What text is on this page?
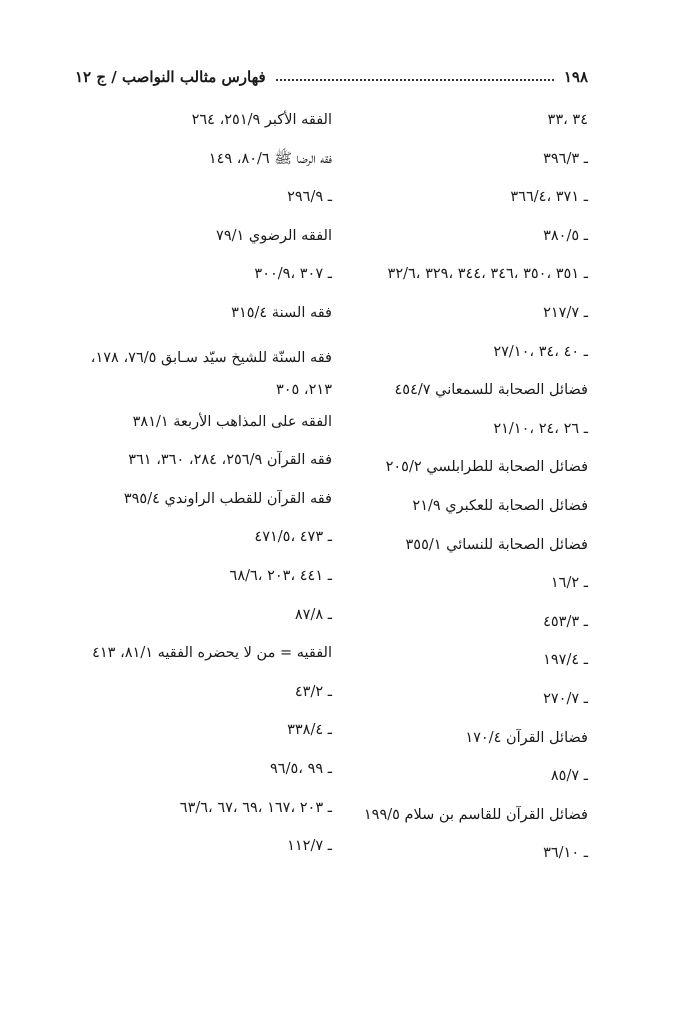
١٩٨
فهارس مثالب النواصب / ج ١٢
٣٤ ،٣٣
ـ ٣٩٦/٣
ـ ٣٧١ ،٣٦٦/٤
ـ ٣٨٠/٥
ـ ٣٥١ ،٣٥٠ ،٣٤٦ ،٣٤٤ ،٣٢٩ ،٣٢/٦
ـ ٢١٧/٧
ـ ٤٠ ،٣٤ ،٢٧/١٠
فضائل الصحابة للسمعاني ٤٥٤/٧
ـ ٢٦ ،٢٤ ،٢١/١٠
فضائل الصحابة للطرابلسي ٢٠٥/٢
فضائل الصحابة للعكبري ٢١/٩
فضائل الصحابة للنسائي ٣٥٥/١
ـ ١٦/٢
ـ ٤٥٣/٣
ـ ١٩٧/٤
ـ ٢٧٠/٧
فضائل القرآن ١٧٠/٤
ـ ٨٥/٧
فضائل القرآن للقاسم بن سلام ١٩٩/٥
ـ ٣٦/١٠
الفقه الأكبر ٢٥١/٩، ٢٦٤
فقه الرضا ﷺ ٨٠/٦، ١٤٩
ـ ٢٩٦/٩
الفقه الرضوي ٧٩/١
ـ ٣٠٧ ،٣٠٠/٩
فقه السنة ٣١٥/٤
فقه السنّة للشيخ سيّد سـابق ٧٦/٥، ١٧٨، ٢١٣، ٣٠٥
الفقه على المذاهب الأربعة ٣٨١/١
فقه القرآن ٢٥٦/٩، ٢٨٤، ٣٦٠، ٣٦١
فقه القرآن للقطب الراوندي ٣٩٥/٤
ـ ٤٧٣ ،٤٧١/٥
ـ ٤٤١ ،٢٠٣ ،٦٨/٦
ـ ٨٧/٨
الفقيه = من لا يحضره الفقيه ٨١/١، ٤١٣
ـ ٤٣/٢
ـ ٣٣٨/٤
ـ ٩٩ ،٩٦/٥
ـ ٢٠٣ ،١٦٧ ،٦٩ ،٦٧ ،٦٣/٦
ـ ١١٢/٧
